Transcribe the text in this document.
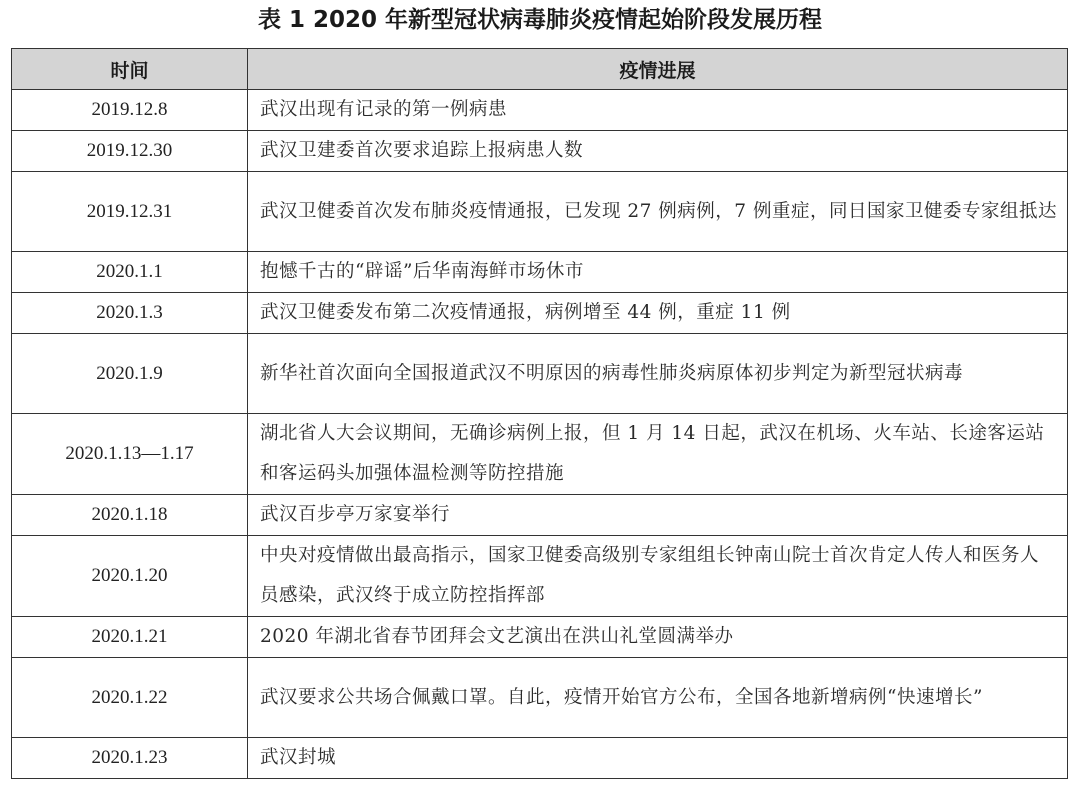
表 1 2020 年新型冠状病毒肺炎疫情起始阶段发展历程
时间	疫情进展
2019.12.8	武汉出现有记录的第一例病患
2019.12.30	武汉卫建委首次要求追踪上报病患人数
2019.12.31	武汉卫健委首次发布肺炎疫情通报，已发现 27 例病例，7 例重症，同日国家卫健委专家组抵达
2020.1.1	抱憾千古的“辟谣”后华南海鲜市场休市
2020.1.3	武汉卫健委发布第二次疫情通报，病例增至 44 例，重症 11 例
2020.1.9	新华社首次面向全国报道武汉不明原因的病毒性肺炎病原体初步判定为新型冠状病毒
2020.1.13—1.17	湖北省人大会议期间，无确诊病例上报，但 1 月 14 日起，武汉在机场、火车站、长途客运站和客运码头加强体温检测等防控措施
2020.1.18	武汉百步亭万家宴举行
2020.1.20	中央对疫情做出最高指示，国家卫健委高级别专家组组长钟南山院士首次肯定人传人和医务人员感染，武汉终于成立防控指挥部
2020.1.21	2020 年湖北省春节团拜会文艺演出在洪山礼堂圆满举办
2020.1.22	武汉要求公共场合佩戴口罩。自此，疫情开始官方公布，全国各地新增病例“快速增长”
2020.1.23	武汉封城
